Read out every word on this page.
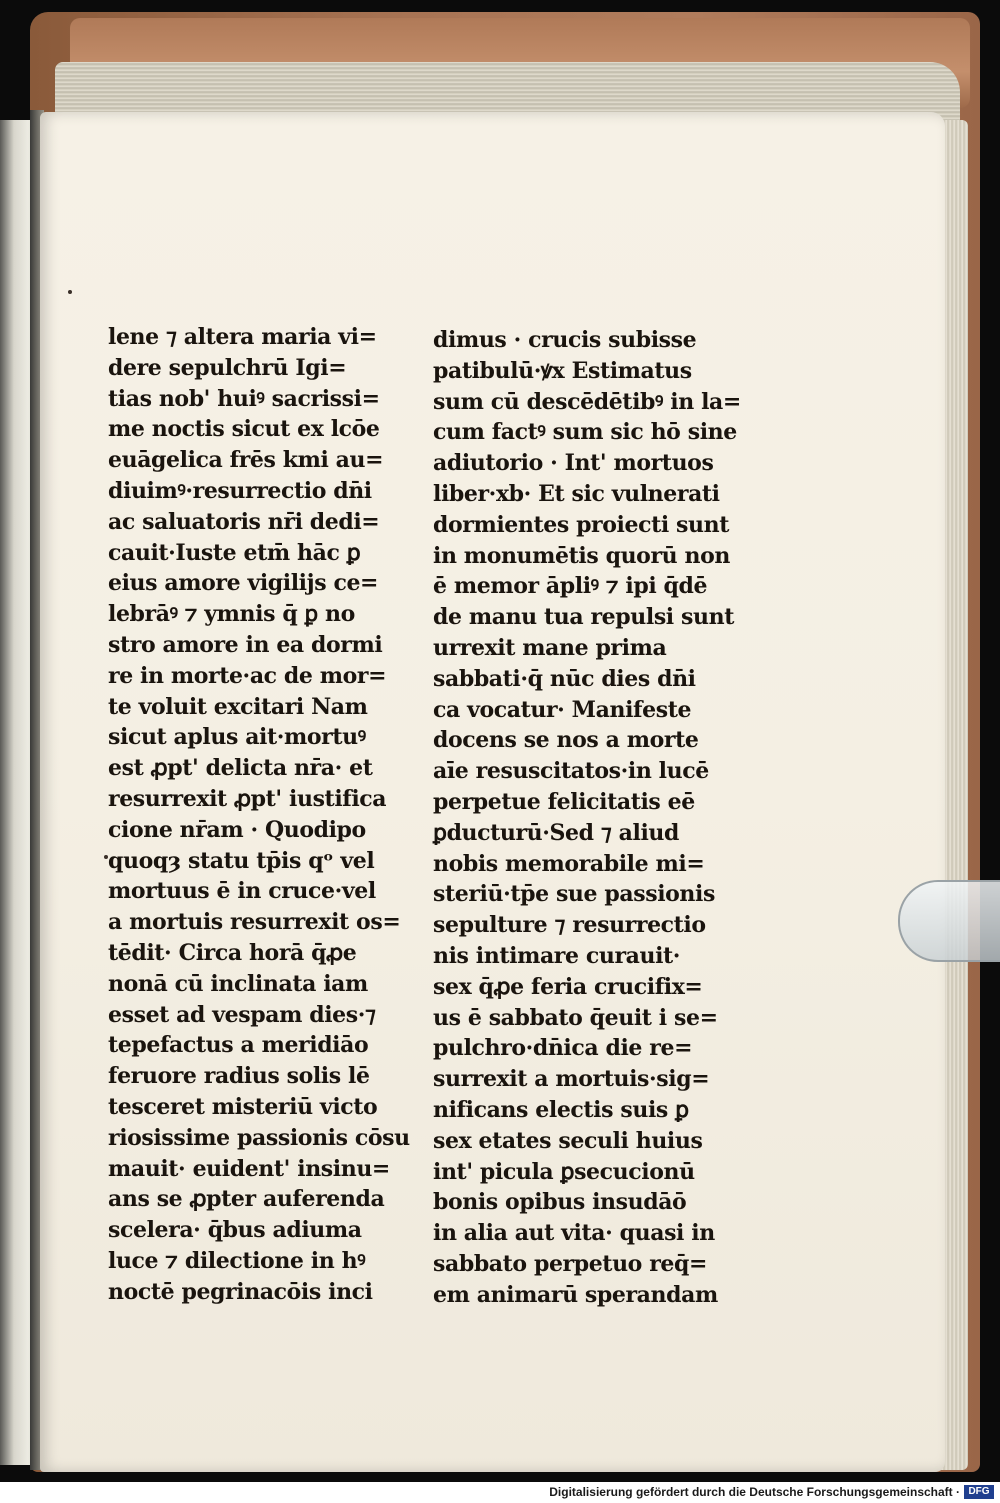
lene ⁊ altera maria vi=
dere sepulchrū Igi=
tias nob' huiꝰ sacrissi=
me noctis sicut ex lcōe
euāgelica frēs kmi au=
diuimꝰ·resurrectio dn̄i
ac saluatoris nr̄i dedi=
cauit·Iuste etm̄ hāc ꝑ
eius amore vigilijs ce=
lebrāꝰ ⁊ ymnis q̄ ꝑ no
stro amore in ea dormi
re in morte·ac de mor=
te voluit excitari Nam
sicut aplus ait·mortuꝰ
est ꝓpt' delicta nr̄a· et
resurrexit ꝓpt' iustifica
cione nr̄am · Quodipo
quoqȝ statu tp̄is qᵒ vel
mortuus ē in cruce·vel
a mortuis resurrexit os=
tēdit· Circa horā q̄ꝓe
nonā cū inclinata iam
esset ad vespam dies·⁊
tepefactus a meridiāo
feruore radius solis lē
tesceret misteriū victo
riosissime passionis cōsu
mauit· euident' insinu=
ans se ꝓpter auferenda
scelera· q̄bus adiuma
luce ⁊ dilectione in hꝰ
noctē pegrinacōis inci
dimus · crucis subisse
patibulū·ꝟx Estimatus
sum cū descēdētibꝰ in la=
cum factꝰ sum sic hō sine
adiutorio · Int' mortuos
liber·xb· Et sic vulnerati
dormientes proiecti sunt
in monumētis quorū non
ē memor āpliꝰ ⁊ ipi q̄dē
de manu tua repulsi sunt
urrexit mane prima
sabbati·q̄ nūc dies dn̄i
ca vocatur· Manifeste
docens se nos a morte
aīe resuscitatos·in lucē
perpetue felicitatis eē
ꝑducturū·Sed ⁊ aliud
nobis memorabile mi=
steriū·tp̄e sue passionis
sepulture ⁊ resurrectio
nis intimare curauit·
sex q̄ꝓe feria crucifix=
us ē sabbato q̄euit i se=
pulchro·dn̄ica die re=
surrexit a mortuis·sig=
nificans electis suis ꝑ
sex etates seculi huius
int' picula ꝑsecucionū
bonis opibus insudāō
in alia aut vita· quasi in
sabbato perpetuo req̄=
em animarū sperandam
Digitalisierung gefördert durch die Deutsche Forschungsgemeinschaft · DFG
